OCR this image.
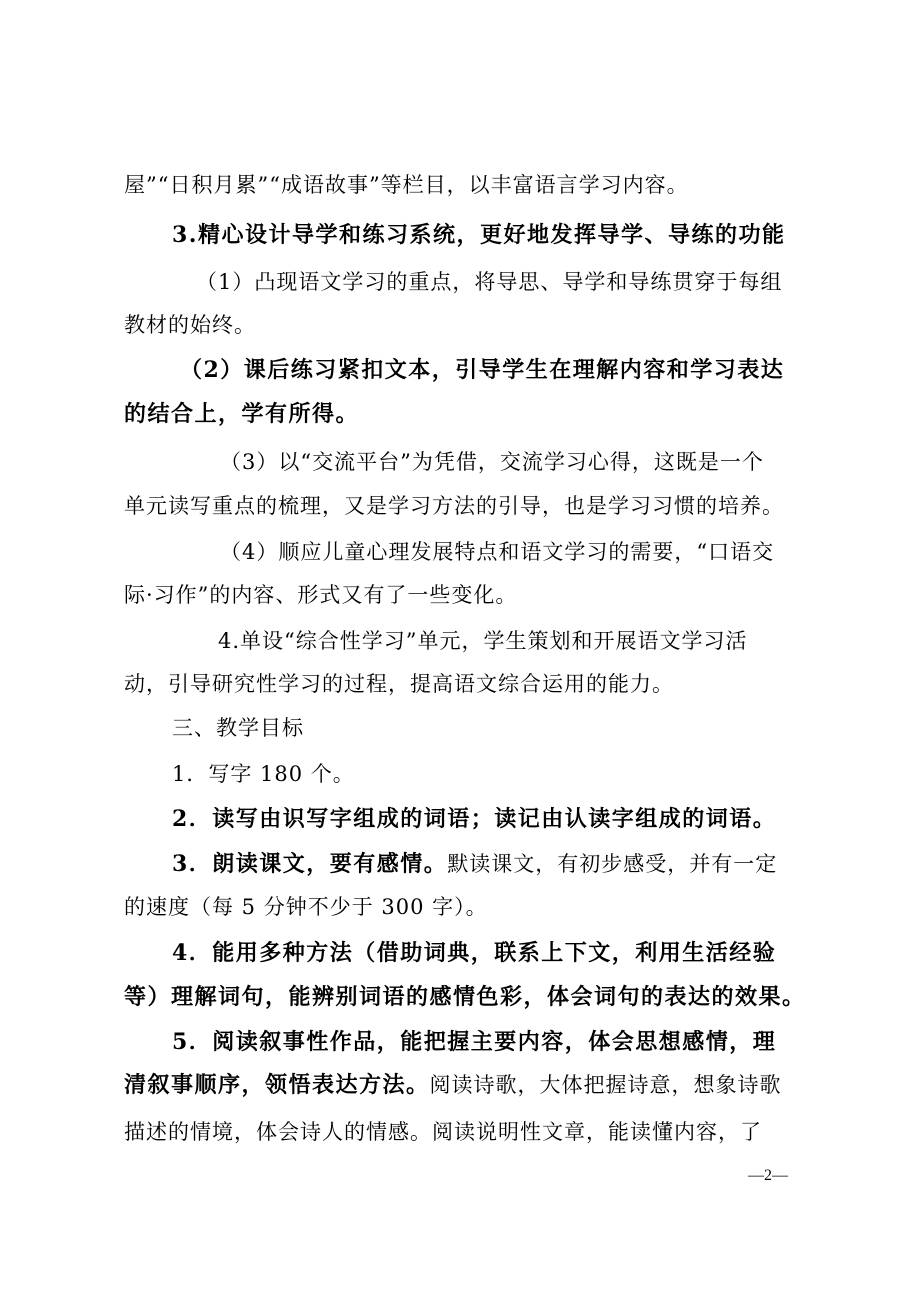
屋”“日积月累”“成语故事”等栏目，以丰富语言学习内容。
3.精心设计导学和练习系统，更好地发挥导学、导练的功能
（1）凸现语文学习的重点，将导思、导学和导练贯穿于每组
教材的始终。
（2）课后练习紧扣文本，引导学生在理解内容和学习表达
的结合上，学有所得。
（3）以“交流平台”为凭借，交流学习心得，这既是一个
单元读写重点的梳理，又是学习方法的引导，也是学习习惯的培养。
（4）顺应儿童心理发展特点和语文学习的需要，“口语交
际·习作”的内容、形式又有了一些变化。
4.单设“综合性学习”单元，学生策划和开展语文学习活
动，引导研究性学习的过程，提高语文综合运用的能力。
三、教学目标
1．写字 180 个。
2．读写由识写字组成的词语；读记由认读字组成的词语。
3．朗读课文，要有感情。默读课文，有初步感受，并有一定
的速度（每 5 分钟不少于 300 字）。
4．能用多种方法（借助词典，联系上下文，利用生活经验
等）理解词句，能辨别词语的感情色彩，体会词句的表达的效果。
5．阅读叙事性作品，能把握主要内容，体会思想感情，理
清叙事顺序，领悟表达方法。阅读诗歌，大体把握诗意，想象诗歌
描述的情境，体会诗人的情感。阅读说明性文章，能读懂内容，了
—2—
